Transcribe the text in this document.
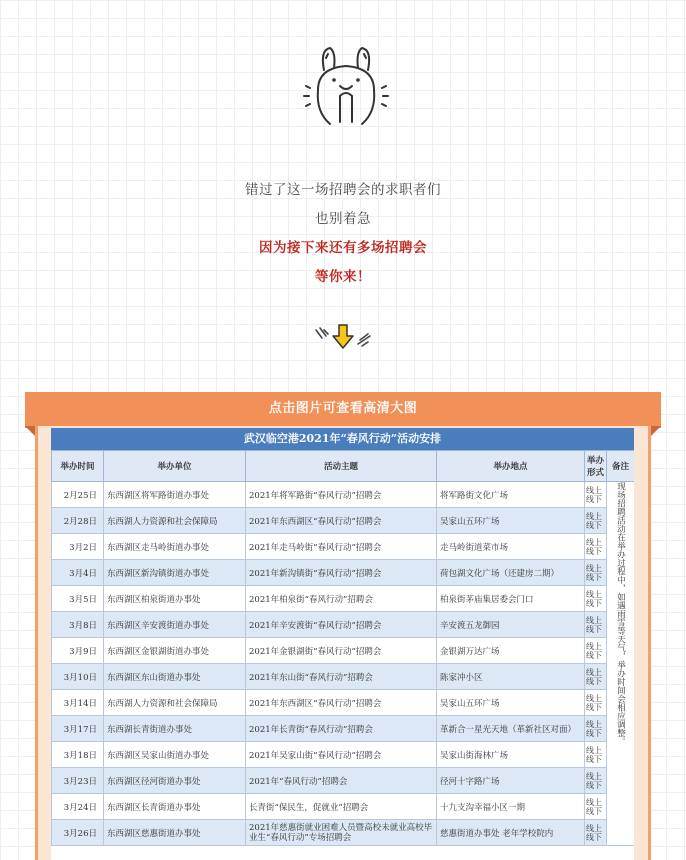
错过了这一场招聘会的求职者们
也别着急
因为接下来还有多场招聘会
等你来！
点击图片可查看高清大图
武汉临空港2021年“春风行动”活动安排
举办时间	举办单位	活动主题	举办地点	举办形式	备注
2月25日	东西湖区将军路街道办事处	2021年将军路街“春风行动”招聘会	将军路街文化广场	线上线下	现场招聘活动在举办过程中，如遇雨雪等天气，举办时间会相应调整。
2月28日	东西湖人力资源和社会保障局	2021年东西湖区“春风行动”招聘会	吴家山五环广场	线上线下	
3月2日	东西湖区走马岭街道办事处	2021年走马岭街“春风行动”招聘会	走马岭街道菜市场	线上线下	
3月4日	东西湖区新沟镇街道办事处	2021年新沟镇街“春风行动”招聘会	荷包湖文化广场（还建房二期）	线上线下	
3月5日	东西湖区柏泉街道办事处	2021年柏泉街“春风行动”招聘会	柏泉街茅庙集居委会门口	线上线下	
3月8日	东西湖区辛安渡街道办事处	2021年辛安渡街“春风行动”招聘会	辛安渡五龙御园	线上线下	
3月9日	东西湖区金银湖街道办事处	2021年金银湖街“春风行动”招聘会	金银湖万达广场	线上线下	
3月10日	东西湖区东山街道办事处	2021年东山街“春风行动”招聘会	陈家冲小区	线上线下	
3月14日	东西湖人力资源和社会保障局	2021年东西湖区“春风行动”招聘会	吴家山五环广场	线上线下	
3月17日	东西湖长青街道办事处	2021年长青街“春风行动”招聘会	革新合一星光天地（革新社区对面）	线上线下	
3月18日	东西湖区吴家山街道办事处	2021年吴家山街“春风行动”招聘会	吴家山街海林广场	线上线下	
3月23日	东西湖区径河街道办事处	2021年“春风行动”招聘会	径河十字路广场	线上线下	
3月24日	东西湖区长青街道办事处	长青街“保民生，促就业”招聘会	十九支沟幸福小区一期	线上线下	
3月26日	东西湖区慈惠街道办事处	2021年慈惠街就业困难人员暨高校未就业高校毕业生“春风行动”专场招聘会	慈惠街道办事处 老年学校院内	线上线下	
